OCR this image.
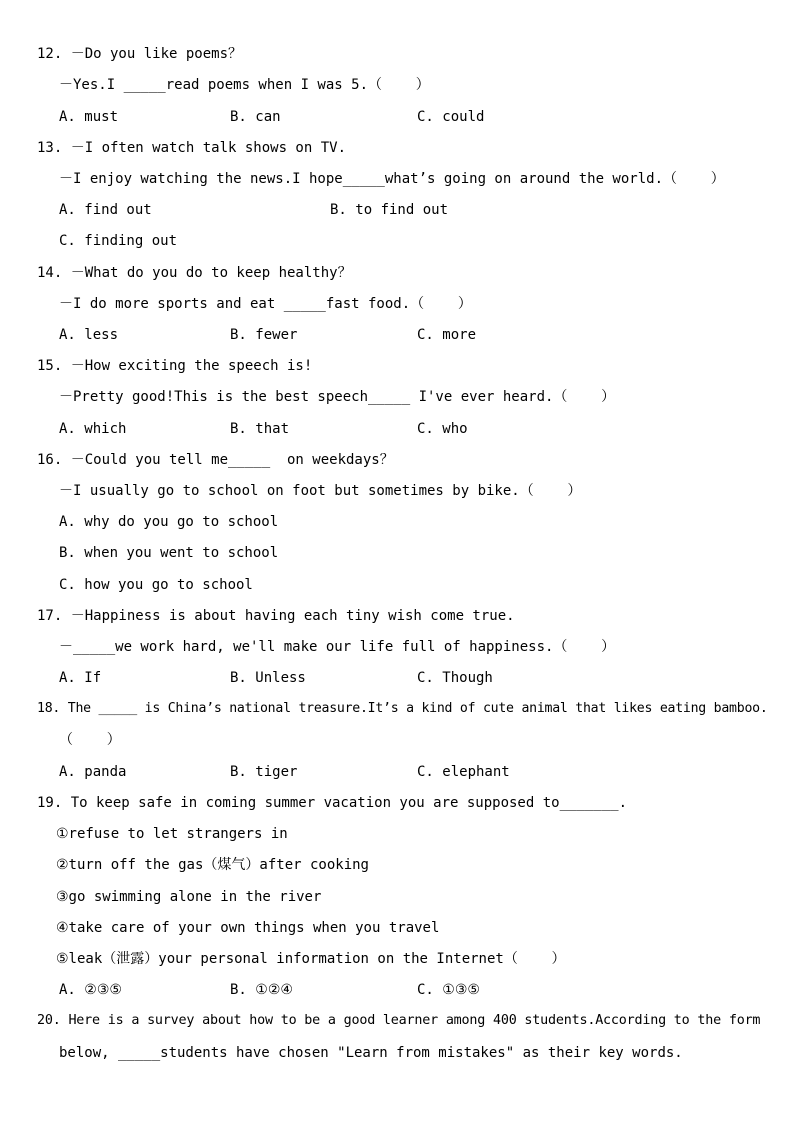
12. －Do you like poems？
－Yes.I _____read poems when I was 5.（    ）
A. must	B. can	C. could
13. －I often watch talk shows on TV.
－I enjoy watching the news.I hope_____what’s going on around the world.（    ）
A. find out	B. to find out
C. finding out
14. －What do you do to keep healthy？
－I do more sports and eat _____fast food.（    ）
A. less	B. fewer	C. more
15. －How exciting the speech is!
－Pretty good!This is the best speech_____ I've ever heard.（    ）
A. which	B. that	C. who
16. －Could you tell me_____  on weekdays？
－I usually go to school on foot but sometimes by bike.（    ）
A. why do you go to school
B. when you went to school
C. how you go to school
17. －Happiness is about having each tiny wish come true.
－_____we work hard, we'll make our life full of happiness.（    ）
A. If	B. Unless	C. Though
18. The _____ is China’s national treasure.It’s a kind of cute animal that likes eating bamboo.
（    ）
A. panda	B. tiger	C. elephant
19. To keep safe in coming summer vacation you are supposed to_______.
①refuse to let strangers in
②turn off the gas（煤气）after cooking
③go swimming alone in the river
④take care of your own things when you travel
⑤leak（泄露）your personal information on the Internet（    ）
A. ②③⑤	B. ①②④	C. ①③⑤
20. Here is a survey about how to be a good learner among 400 students.According to the form
below, _____students have chosen "Learn from mistakes" as their key words.
